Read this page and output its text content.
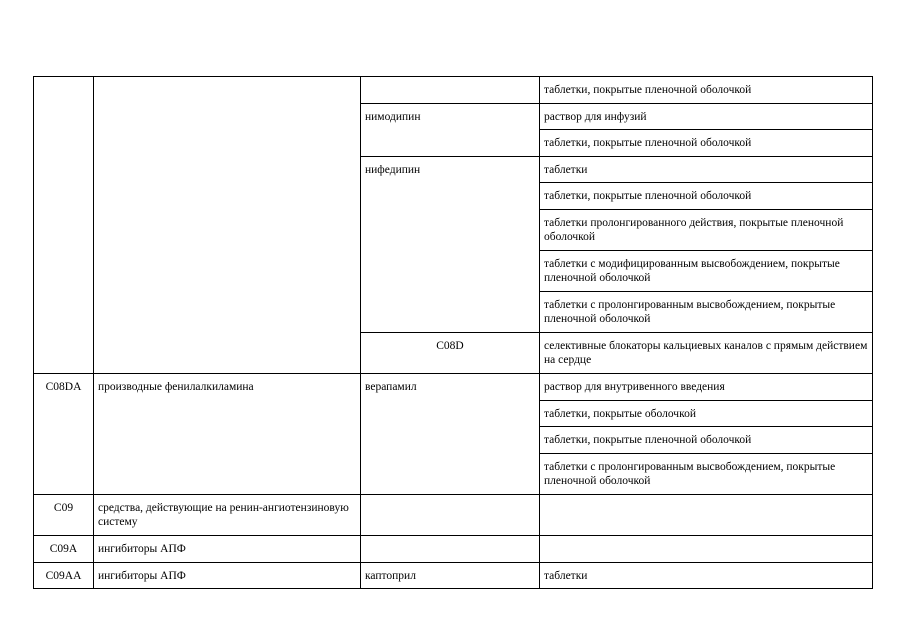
			таблетки, покрытые пленочной оболочкой	
		нимодипин	раствор для инфузий	
			таблетки, покрытые пленочной оболочкой	
		нифедипин	таблетки	
			таблетки, покрытые пленочной оболочкой	
			таблетки пролонгированного действия, покрытые пленочной оболочкой	
			таблетки с модифицированным высвобождением, покрытые пленочной оболочкой	
			таблетки с пролонгированным высвобождением, покрытые пленочной оболочкой	
		C08D	селективные блокаторы кальциевых каналов с прямым действием на сердце		
C08DA	производные фенилалкиламина	верапамил	раствор для внутривенного введения	
			таблетки, покрытые оболочкой	
			таблетки, покрытые пленочной оболочкой	
			таблетки с пролонгированным высвобождением, покрытые пленочной оболочкой	
C09	средства, действующие на ренин-ангиотензиновую систему			
C09A	ингибиторы АПФ			
C09AA	ингибиторы АПФ	каптоприл	таблетки	
